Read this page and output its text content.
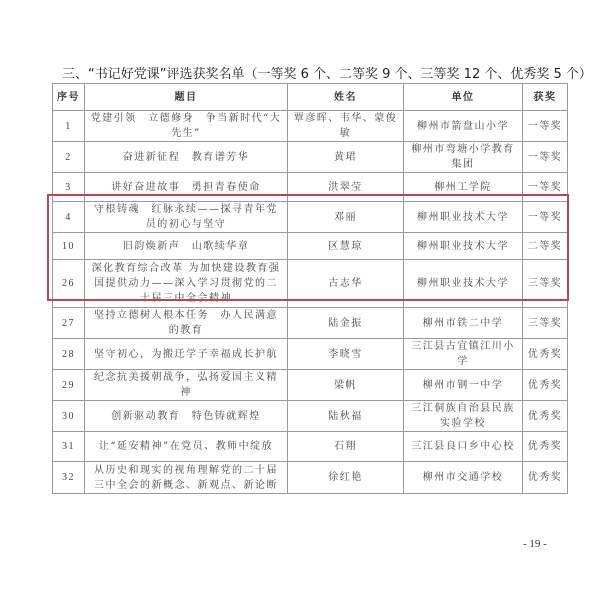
三、“书记好党课”评选获奖名单（一等奖 6 个、二等奖 9 个、三等奖 12 个、优秀奖 5 个）
序号	题目	姓名	单位	获奖
1	党建引领　立德修身　争当新时代“大先生”	覃彦晖、韦华、蒙俊敏	柳州市箭盘山小学	一等奖
2	奋进新征程　教育谱芳华	黄珺	柳州市弯塘小学教育集团	一等奖
3	讲好奋进故事　勇担青春使命	洪翠莹	柳州工学院	一等奖
4	守根铸魂　红脉永续——探寻青年党员的初心与坚守	邓丽	柳州职业技术大学	一等奖
10	旧韵焕新声　山歌续华章	区慧琼	柳州职业技术大学	二等奖
26	深化教育综合改革 为加快建设教育强国提供动力——深入学习贯彻党的二十届三中全会精神	古志华	柳州职业技术大学	三等奖
27	坚持立德树人根本任务　办人民满意的教育	陆金振	柳州市铁二中学	三等奖
28	坚守初心，为搬迁学子幸福成长护航	李晓雪	三江县古宜镇江川小学	优秀奖
29	纪念抗美援朝战争，弘扬爱国主义精神	梁帆	柳州市钢一中学	优秀奖
30	创新驱动教育　特色铸就辉煌	陆秋福	三江侗族自治县民族实验学校	优秀奖
31	让“延安精神”在党员、教师中绽放	石翔	三江县良口乡中心校	优秀奖
32	从历史和现实的视角理解党的二十届三中全会的新概念、新观点、新论断	徐红艳	柳州市交通学校	优秀奖
- 19 -
